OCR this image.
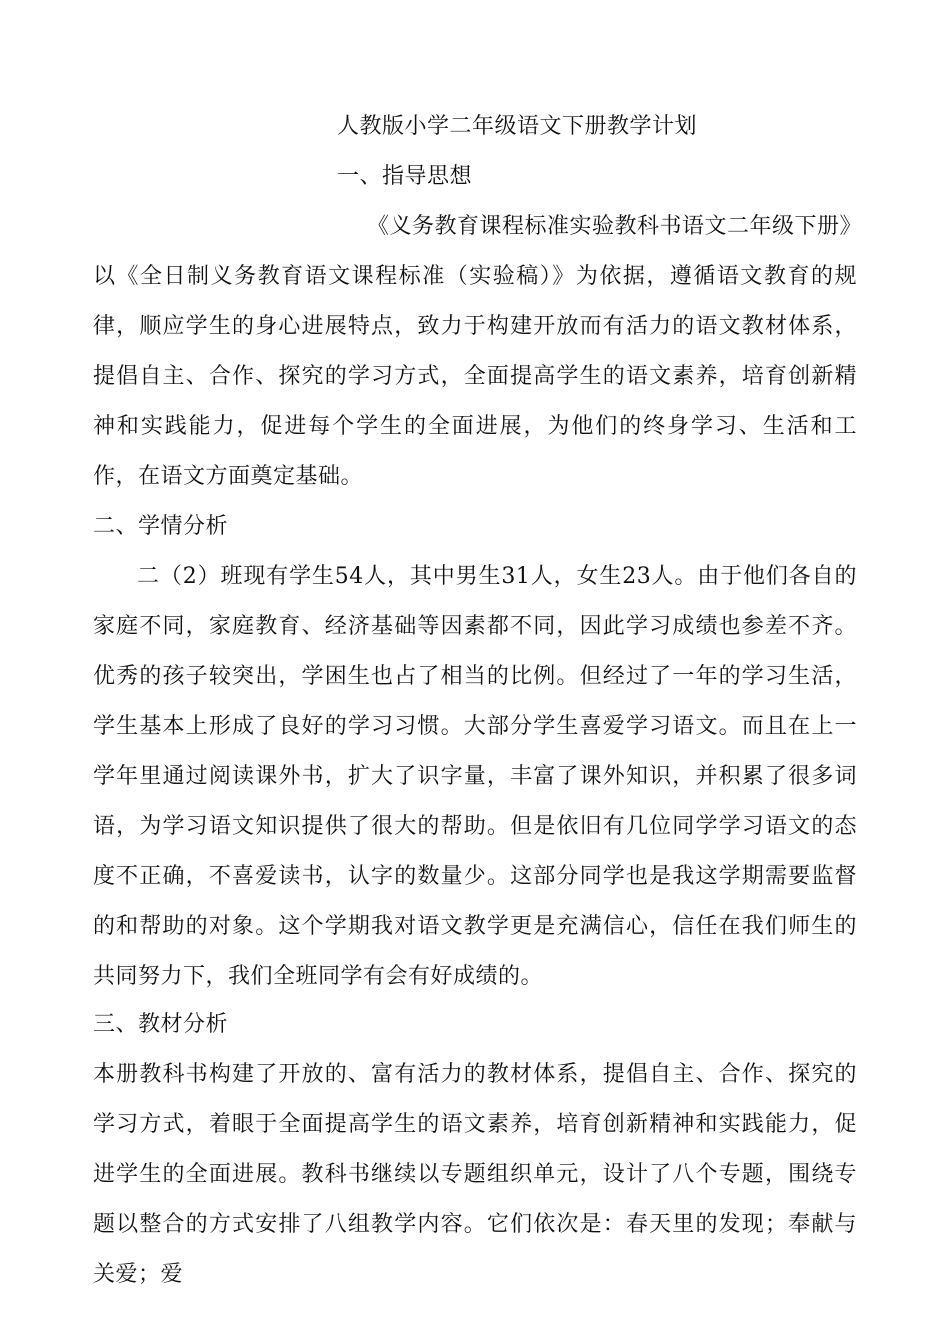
人教版小学二年级语文下册教学计划
一、指导思想
《义务教育课程标准实验教科书语文二年级下册》

以《全日制义务教育语文课程标准（实验稿）》为依据，遵循语文教育的规律，顺应学生的身心进展特点，致力于构建开放而有活力的语文教材体系，提倡自主、合作、探究的学习方式，全面提高学生的语文素养，培育创新精神和实践能力，促进每个学生的全面进展，为他们的终身学习、生活和工作，在语文方面奠定基础。

二、学情分析

二（2）班现有学生54人，其中男生31人，女生23人。由于他们各自的家庭不同，家庭教育、经济基础等因素都不同，因此学习成绩也参差不齐。优秀的孩子较突出，学困生也占了相当的比例。但经过了一年的学习生活，学生基本上形成了良好的学习习惯。大部分学生喜爱学习语文。而且在上一学年里通过阅读课外书，扩大了识字量，丰富了课外知识，并积累了很多词语，为学习语文知识提供了很大的帮助。但是依旧有几位同学学习语文的态度不正确，不喜爱读书，认字的数量少。这部分同学也是我这学期需要监督的和帮助的对象。这个学期我对语文教学更是充满信心，信任在我们师生的共同努力下，我们全班同学有会有好成绩的。

三、教材分析

本册教科书构建了开放的、富有活力的教材体系，提倡自主、合作、探究的学习方式，着眼于全面提高学生的语文素养，培育创新精神和实践能力，促进学生的全面进展。教科书继续以专题组织单元，设计了八个专题，围绕专题以整合的方式安排了八组教学内容。它们依次是：春天里的发现；奉献与关爱；爱
